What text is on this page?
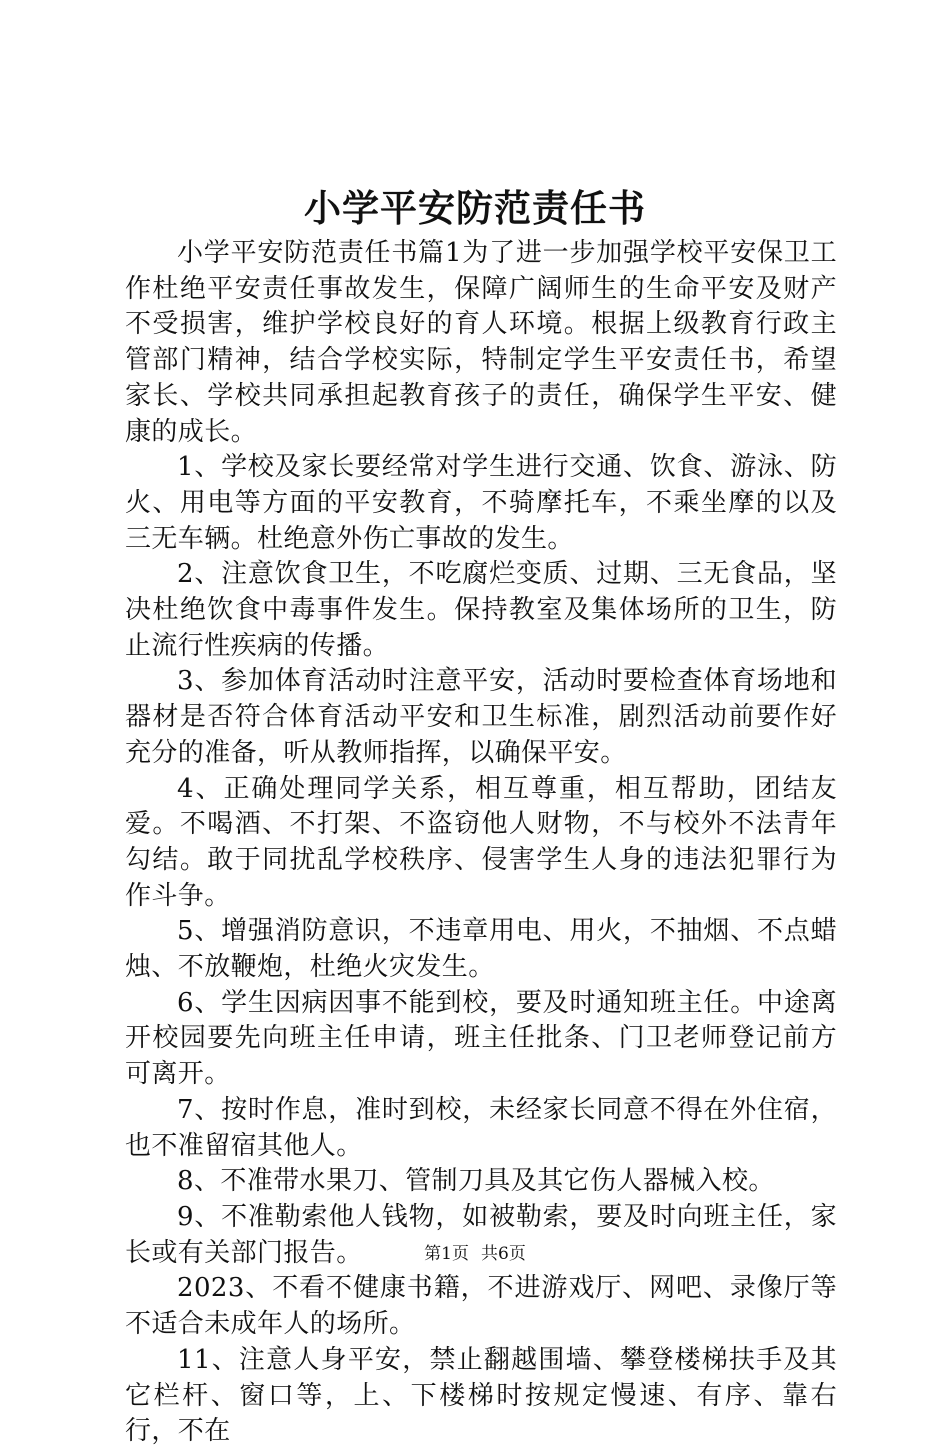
小学平安防范责任书

小学平安防范责任书篇1为了进一步加强学校平安保卫工作杜绝平安责任事故发生，保障广阔师生的生命平安及财产不受损害，维护学校良好的育人环境。根据上级教育行政主管部门精神，结合学校实际，特制定学生平安责任书，希望家长、学校共同承担起教育孩子的责任，确保学生平安、健康的成长。

1、学校及家长要经常对学生进行交通、饮食、游泳、防火、用电等方面的平安教育，不骑摩托车，不乘坐摩的以及三无车辆。杜绝意外伤亡事故的发生。

2、注意饮食卫生，不吃腐烂变质、过期、三无食品，坚决杜绝饮食中毒事件发生。保持教室及集体场所的卫生，防止流行性疾病的传播。

3、参加体育活动时注意平安，活动时要检查体育场地和器材是否符合体育活动平安和卫生标准，剧烈活动前要作好充分的准备，听从教师指挥，以确保平安。

4、正确处理同学关系，相互尊重，相互帮助，团结友爱。不喝酒、不打架、不盗窃他人财物，不与校外不法青年勾结。敢于同扰乱学校秩序、侵害学生人身的违法犯罪行为作斗争。

5、增强消防意识，不违章用电、用火，不抽烟、不点蜡烛、不放鞭炮，杜绝火灾发生。

6、学生因病因事不能到校，要及时通知班主任。中途离开校园要先向班主任申请，班主任批条、门卫老师登记前方可离开。

7、按时作息，准时到校，未经家长同意不得在外住宿，也不准留宿其他人。

8、不准带水果刀、管制刀具及其它伤人器械入校。

9、不准勒索他人钱物，如被勒索，要及时向班主任，家长或有关部门报告。

2023、不看不健康书籍，不进游戏厅、网吧、录像厅等不适合未成年人的场所。

11、注意人身平安，禁止翻越围墙、攀登楼梯扶手及其它栏杆、窗口等，上、下楼梯时按规定慢速、有序、靠右行，不在

第1页 共6页
